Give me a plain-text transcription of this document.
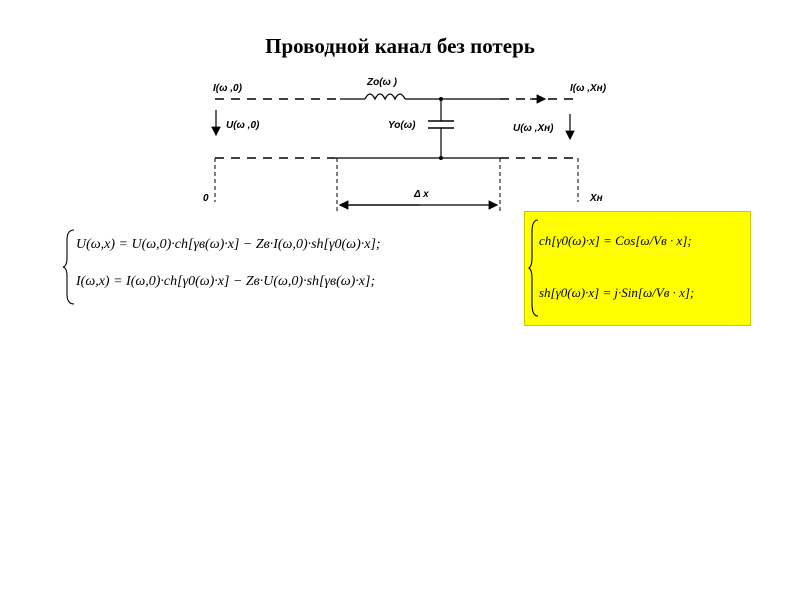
Проводной канал без потерь
I(ω ,0)
Zo(ω )
I(ω ,Xн)
U(ω ,0)	Yo(ω)	U(ω ,Xн)
0	Δ x	Xн
U(ω,x) = U(ω,0)·ch[γв(ω)·x] − Zв·I(ω,0)·sh[γ0(ω)·x];
I(ω,x) = I(ω,0)·ch[γ0(ω)·x] − Zв·U(ω,0)·sh[γв(ω)·x];
ch[γ0(ω)·x] = Cos[ω/Vв · x];
sh[γ0(ω)·x] = j·Sin[ω/Vв · x];
